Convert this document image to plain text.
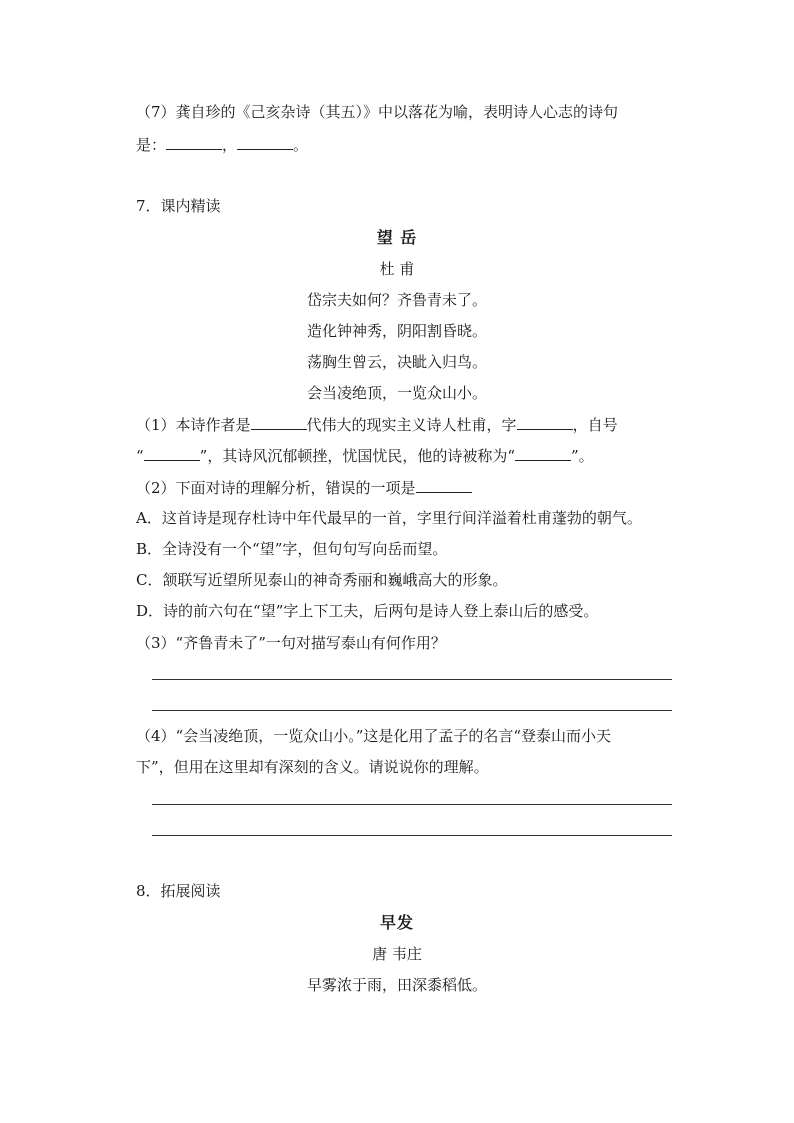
（7）龚自珍的《己亥杂诗（其五）》中以落花为喻，表明诗人心志的诗句
是：	，	。
7．课内精读
望 岳
杜 甫
岱宗夫如何？齐鲁青未了。
造化钟神秀，阴阳割昏晓。
荡胸生曾云，决眦入归鸟。
会当凌绝顶，一览众山小。
（1）本诗作者是	代伟大的现实主义诗人杜甫，字	，自号
“	”，其诗风沉郁顿挫，忧国忧民，他的诗被称为“	”。
（2）下面对诗的理解分析，错误的一项是
A．这首诗是现存杜诗中年代最早的一首，字里行间洋溢着杜甫蓬勃的朝气。
B．全诗没有一个“望”字，但句句写向岳而望。
C．颔联写近望所见泰山的神奇秀丽和巍峨高大的形象。
D．诗的前六句在“望”字上下工夫，后两句是诗人登上泰山后的感受。
（3）“齐鲁青未了”一句对描写泰山有何作用？
（4）“会当凌绝顶，一览众山小。”这是化用了孟子的名言“登泰山而小天
下”，但用在这里却有深刻的含义。请说说你的理解。
8．拓展阅读
早发
唐 韦庄
早雾浓于雨，田深黍稻低。
